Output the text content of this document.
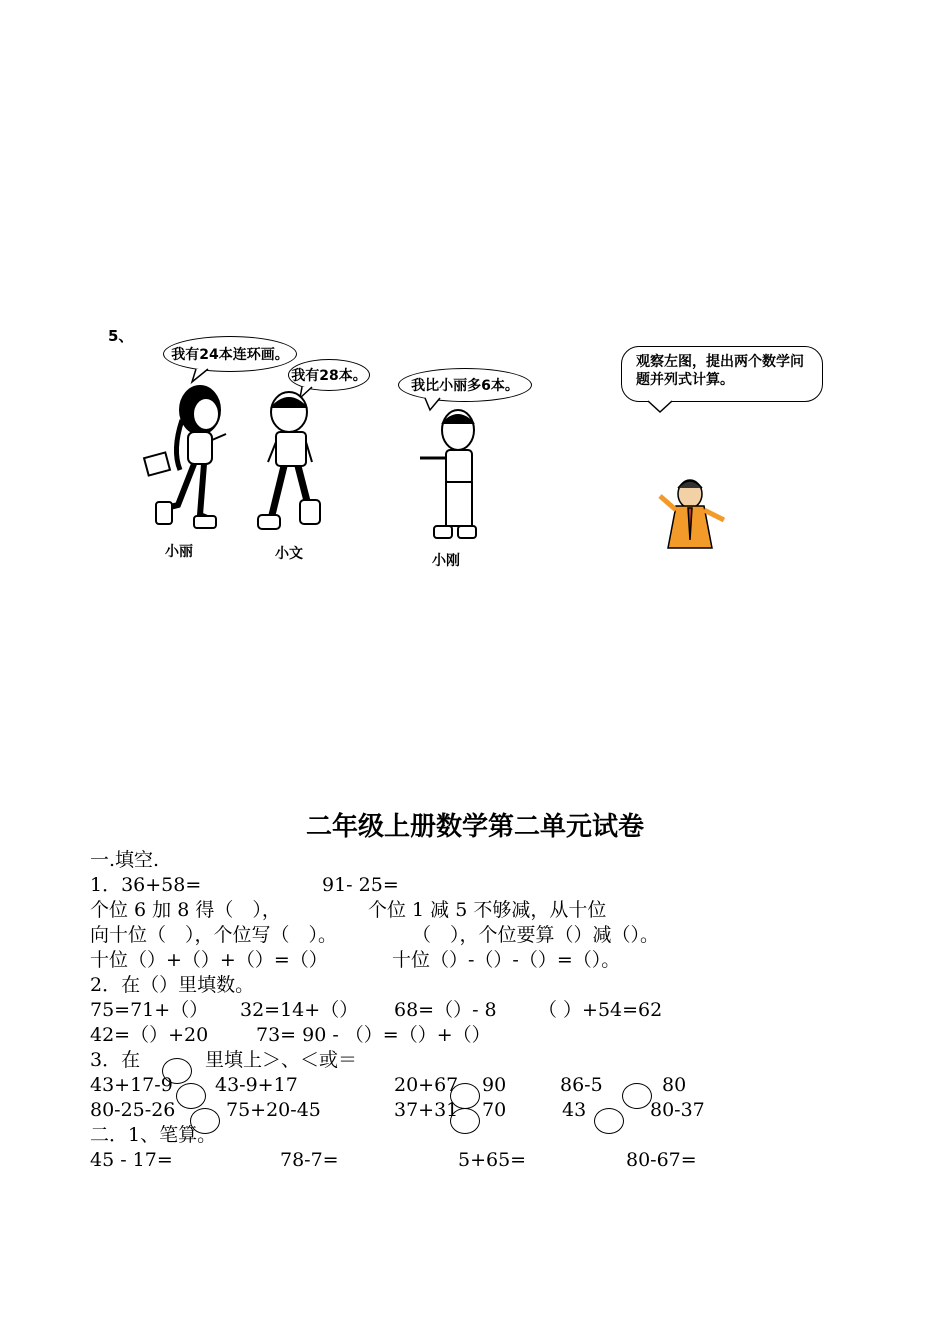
5、
我有24本连环画。
我有28本。
我比小丽多6本。
观察左图，提出两个数学问题并列式计算。
小丽	小文	小刚
二年级上册数学第二单元试卷
一.填空.
1．36+58=	91- 25=
个位 6 加 8 得（　），	个位 1 减 5 不够减，从十位
向十位（　），个位写（　）。	（　），个位要算（）减（）。
十位（）+（）+（）=（）	十位（）-（）-（）=（）。
2．在（）里填数。
75=71+（） 32=14+（） 68=（）- 8 （ ）+54=62
42=（）+20	73= 90 - （）=（）+（）
3．在	里填上＞、＜或＝
43+17-9 43-9+17	20+67 90	86-5	80
80-25-26	75+20-45	37+31 70	43	80-37
二．1、笔算。
45 - 17=	78-7=	5+65=	80-67=
